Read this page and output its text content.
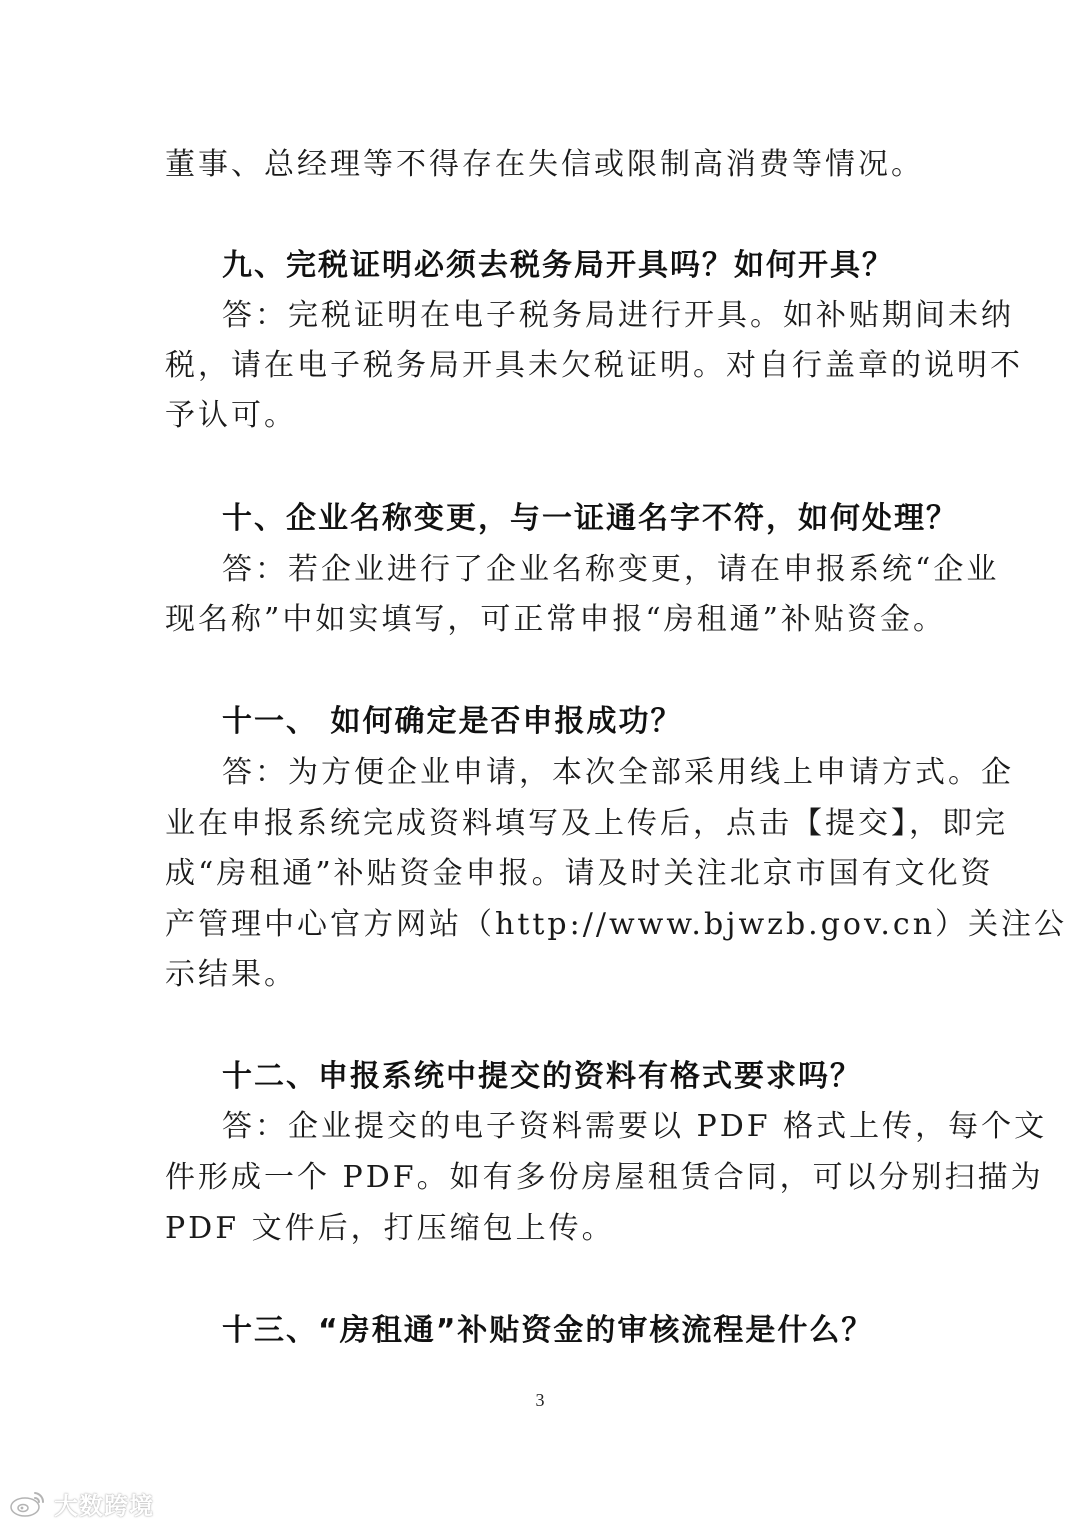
董事、总经理等不得存在失信或限制高消费等情况。
九、完税证明必须去税务局开具吗？如何开具？
答：完税证明在电子税务局进行开具。如补贴期间未纳
税，请在电子税务局开具未欠税证明。对自行盖章的说明不
予认可。
十、企业名称变更，与一证通名字不符，如何处理？
答：若企业进行了企业名称变更，请在申报系统“企业
现名称”中如实填写，可正常申报“房租通”补贴资金。
十一、 如何确定是否申报成功？
答：为方便企业申请，本次全部采用线上申请方式。企
业在申报系统完成资料填写及上传后，点击【提交】，即完
成“房租通”补贴资金申报。请及时关注北京市国有文化资
产管理中心官方网站（http://www.bjwzb.gov.cn）关注公
示结果。
十二、申报系统中提交的资料有格式要求吗？
答：企业提交的电子资料需要以 PDF 格式上传，每个文
件形成一个 PDF。如有多份房屋租赁合同，可以分别扫描为
PDF 文件后，打压缩包上传。
十三、“房租通”补贴资金的审核流程是什么？
3
大数跨境
